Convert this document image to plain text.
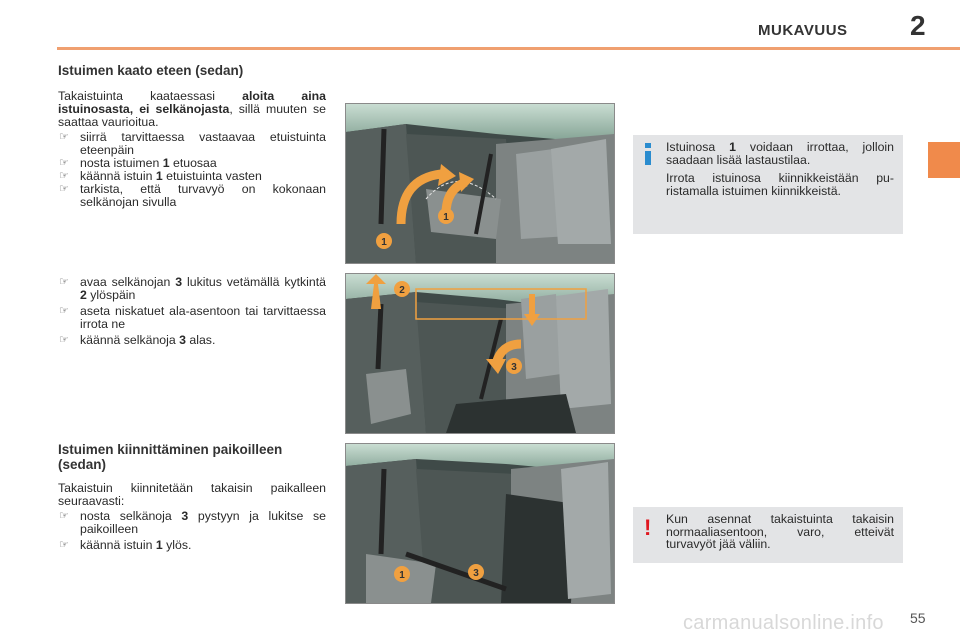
MUKAVUUS 2
Istuimen kaato eteen (sedan)

Takaistuinta kaataessasi aloita aina istuinosasta, ei selkänojasta, sillä muuten se saattaa vaurioitua.

☞ siirrä tarvittaessa vastaavaa etuistuinta eteenpäin
☞ nosta istuimen 1 etuosaa
☞ käännä istuin 1 etuistuinta vasten
☞ tarkista, että turvavyö on kokonaan selkänojan sivulla
☞ avaa selkänojan 3 lukitus vetämällä kytkintä 2 ylöspäin
☞ aseta niskatuet ala-asentoon tai tarvittaessa irrota ne
☞ käännä selkänoja 3 alas.
Istuimen kiinnittäminen paikoilleen (sedan)

Takaistuin kiinnitetään takaisin paikalleen seuraavasti:

☞ nosta selkänoja 3 pystyyn ja lukitse se paikoilleen
☞ käännä istuin 1 ylös.
1
1
2
3
1	3

Istuinosa 1 voidaan irrottaa, jolloin saadaan lisää lastaustilaa.

Irrota istuinosa kiinnikkeistään puristamalla istuimen kiinnikkeistä.

! Kun asennat takaistuinta takaisin normaaliasentoon, varo, etteivät turvavyöt jää väliin.
carmanualsonline.info 55
